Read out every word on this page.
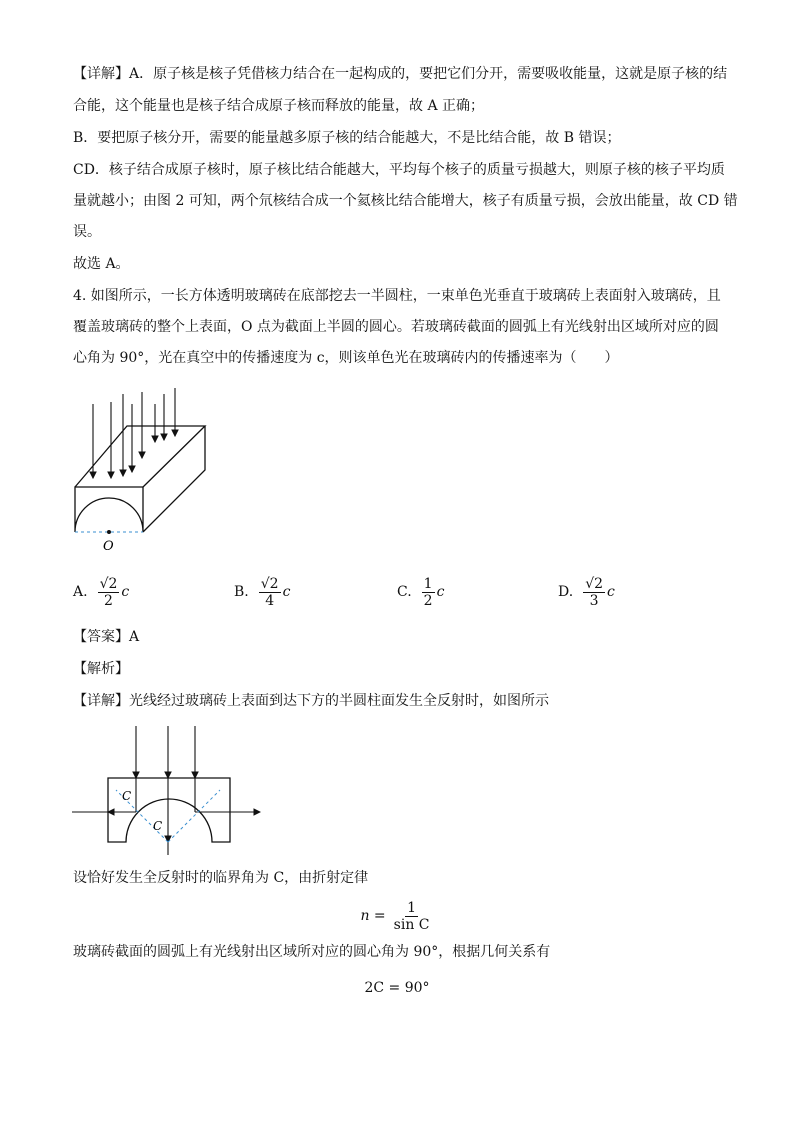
【详解】A．原子核是核子凭借核力结合在一起构成的，要把它们分开，需要吸收能量，这就是原子核的结
合能，这个能量也是核子结合成原子核而释放的能量，故 A 正确；
B．要把原子核分开，需要的能量越多原子核的结合能越大，不是比结合能，故 B 错误；
CD．核子结合成原子核时，原子核比结合能越大，平均每个核子的质量亏损越大，则原子核的核子平均质
量就越小；由图 2 可知，两个氘核结合成一个氦核比结合能增大，核子有质量亏损，会放出能量，故 CD 错
误。
故选 A。
4. 如图所示，一长方体透明玻璃砖在底部挖去一半圆柱，一束单色光垂直于玻璃砖上表面射入玻璃砖，且
覆盖玻璃砖的整个上表面，O 点为截面上半圆的圆心。若玻璃砖截面的圆弧上有光线射出区域所对应的圆
心角为 90°，光在真空中的传播速度为 c，则该单色光在玻璃砖内的传播速率为（　　）
O
A. $\frac{√2}{2}$ c	B. $\frac{√2}{4}$ c	C. $\frac{1}{2}$ c	D. $\frac{√2}{3}$ c
【答案】A
【解析】
【详解】光线经过玻璃砖上表面到达下方的半圆柱面发生全反射时，如图所示
C
C
设恰好发生全反射时的临界角为 C，由折射定律
$n = \frac{1}{\text{sin C}}$
玻璃砖截面的圆弧上有光线射出区域所对应的圆心角为 90°，根据几何关系有
2C = 90°
